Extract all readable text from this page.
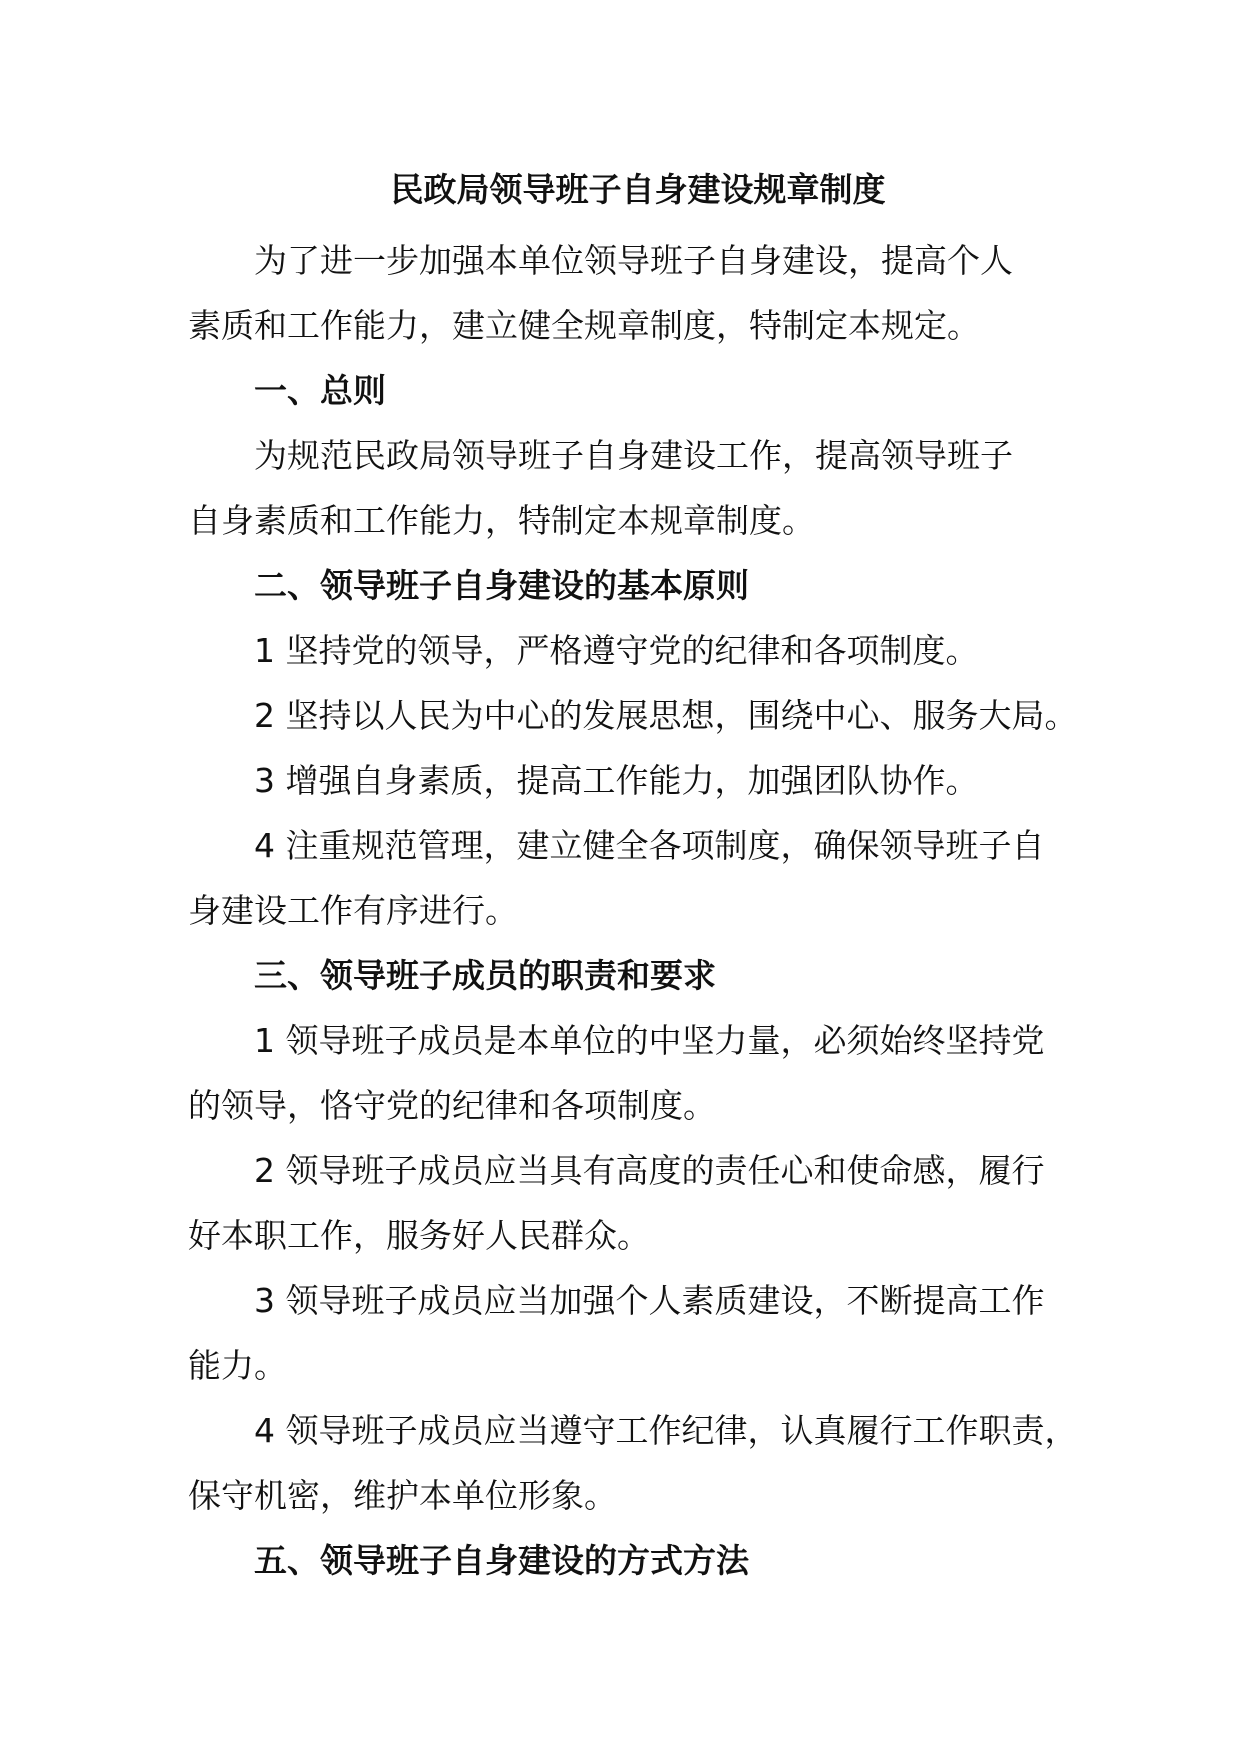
民政局领导班子自身建设规章制度

为了进一步加强本单位领导班子自身建设，提高个人
素质和工作能力，建立健全规章制度，特制定本规定。

一、总则

为规范民政局领导班子自身建设工作，提高领导班子
自身素质和工作能力，特制定本规章制度。

二、领导班子自身建设的基本原则

1 坚持党的领导，严格遵守党的纪律和各项制度。

2 坚持以人民为中心的发展思想，围绕中心、服务大局。

3 增强自身素质，提高工作能力，加强团队协作。

4 注重规范管理，建立健全各项制度，确保领导班子自
身建设工作有序进行。

三、领导班子成员的职责和要求

1 领导班子成员是本单位的中坚力量，必须始终坚持党
的领导，恪守党的纪律和各项制度。

2 领导班子成员应当具有高度的责任心和使命感，履行
好本职工作，服务好人民群众。

3 领导班子成员应当加强个人素质建设，不断提高工作
能力。

4 领导班子成员应当遵守工作纪律，认真履行工作职责，
保守机密，维护本单位形象。

五、领导班子自身建设的方式方法
